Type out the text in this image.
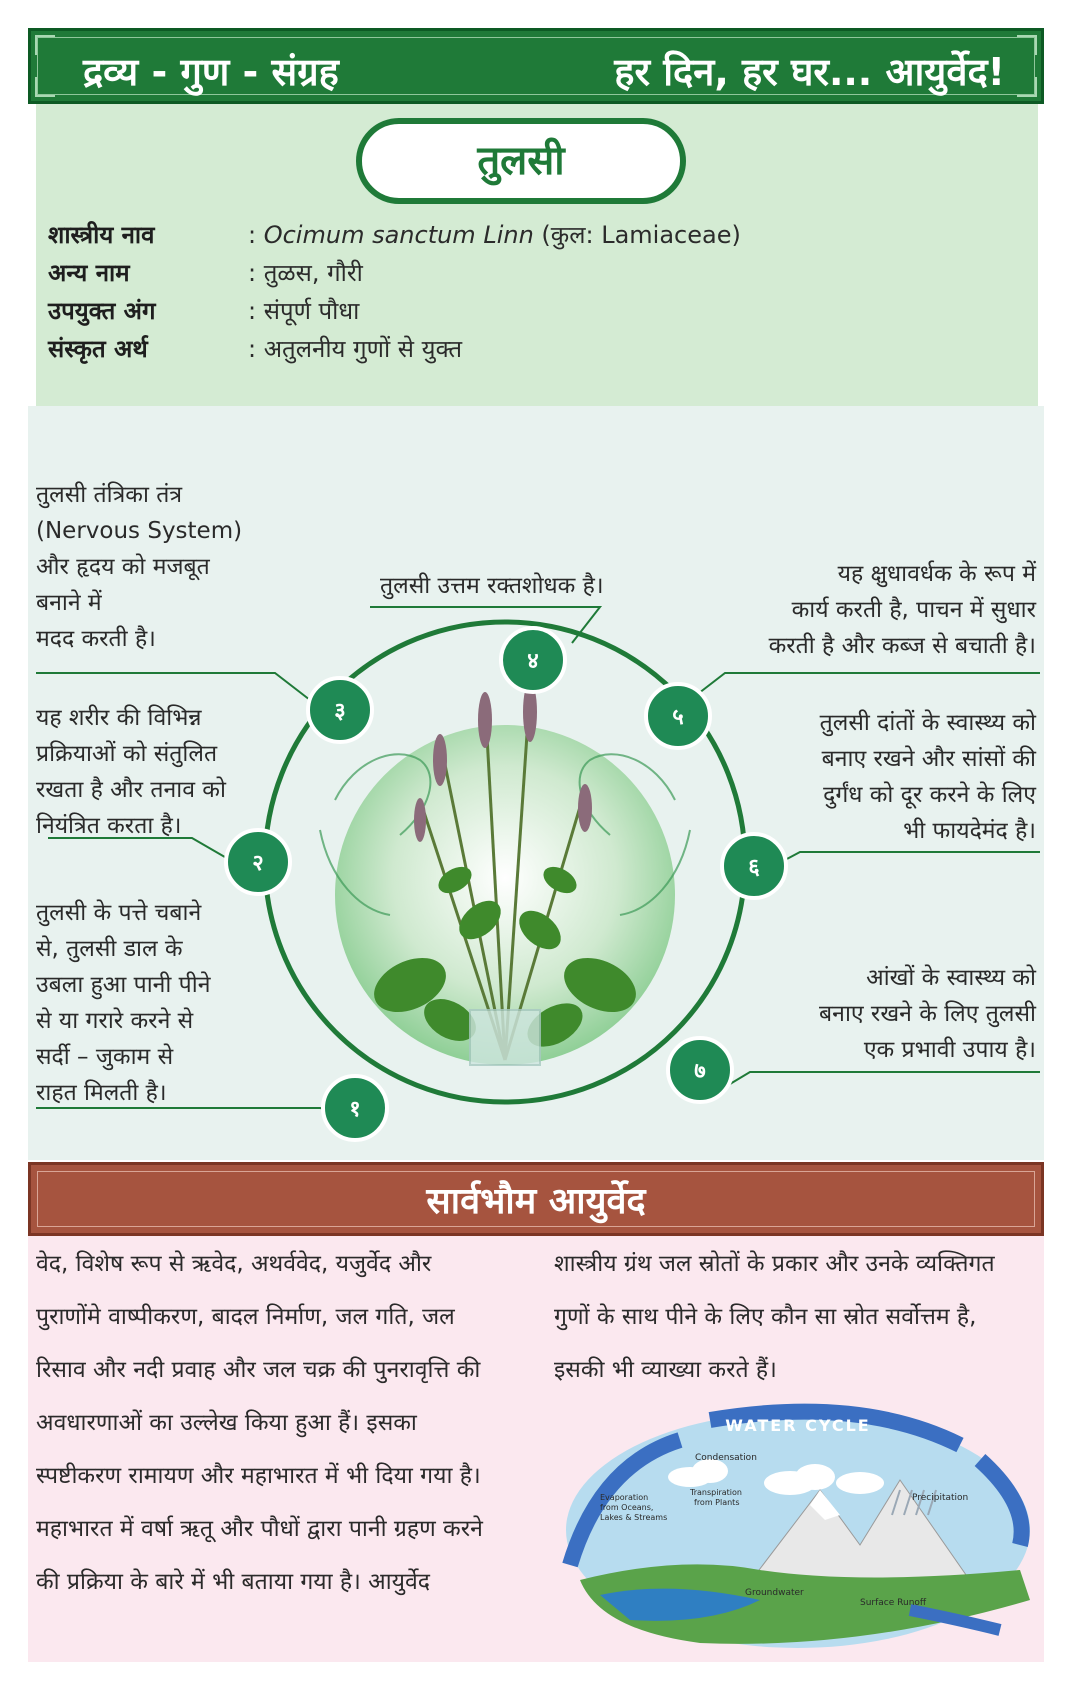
द्रव्य - गुण - संग्रह	हर दिन, हर घर... आयुर्वेद!
तुलसी
शास्त्रीय नाव	: Ocimum sanctum Linn (कुल: Lamiaceae)
अन्य नाम	: तुळस, गौरी
उपयुक्त अंग	: संपूर्ण पौधा
संस्कृत अर्थ	: अतुलनीय गुणों से युक्त
१
२
३
४
५
६
७
तुलसी तंत्रिका तंत्र
(Nervous System)
और हृदय को मजबूत
बनाने में
मदद करती है।
तुलसी उत्तम रक्तशोधक है।	यह क्षुधावर्धक के रूप में
कार्य करती है, पाचन में सुधार
करती है और कब्ज से बचाती है।
यह शरीर की विभिन्न
प्रक्रियाओं को संतुलित
रखता है और तनाव को
नियंत्रित करता है।
तुलसी दांतों के स्वास्थ्य को
बनाए रखने और सांसों की
दुर्गंध को दूर करने के लिए
भी फायदेमंद है।
तुलसी के पत्ते चबाने
से, तुलसी डाल के
उबला हुआ पानी पीने
से या गरारे करने से
सर्दी – जुकाम से
राहत मिलती है।
आंखों के स्वास्थ्य को
बनाए रखने के लिए तुलसी
एक प्रभावी उपाय है।
सार्वभौम आयुर्वेद
वेद, विशेष रूप से ऋवेद, अथर्ववेद, यजुर्वेद और
पुराणोंमे वाष्पीकरण, बादल निर्माण, जल गति, जल
रिसाव और नदी प्रवाह और जल चक्र की पुनरावृत्ति की
अवधारणाओं का उल्लेख किया हुआ हैं। इसका
स्पष्टीकरण रामायण और महाभारत में भी दिया गया है।
महाभारत में वर्षा ऋतू और पौधों द्वारा पानी ग्रहण करने
की प्रक्रिया के बारे में भी बताया गया है। आयुर्वेद
शास्त्रीय ग्रंथ जल स्रोतों के प्रकार और उनके व्यक्तिगत
गुणों के साथ पीने के लिए कौन सा स्रोत सर्वोत्तम है,
इसकी भी व्याख्या करते हैं।
WATER CYCLE
Condensation
Precipitation
Evaporation
from Oceans,
Lakes & Streams
Transpiration
from Plants
Groundwater
Surface Runoff
